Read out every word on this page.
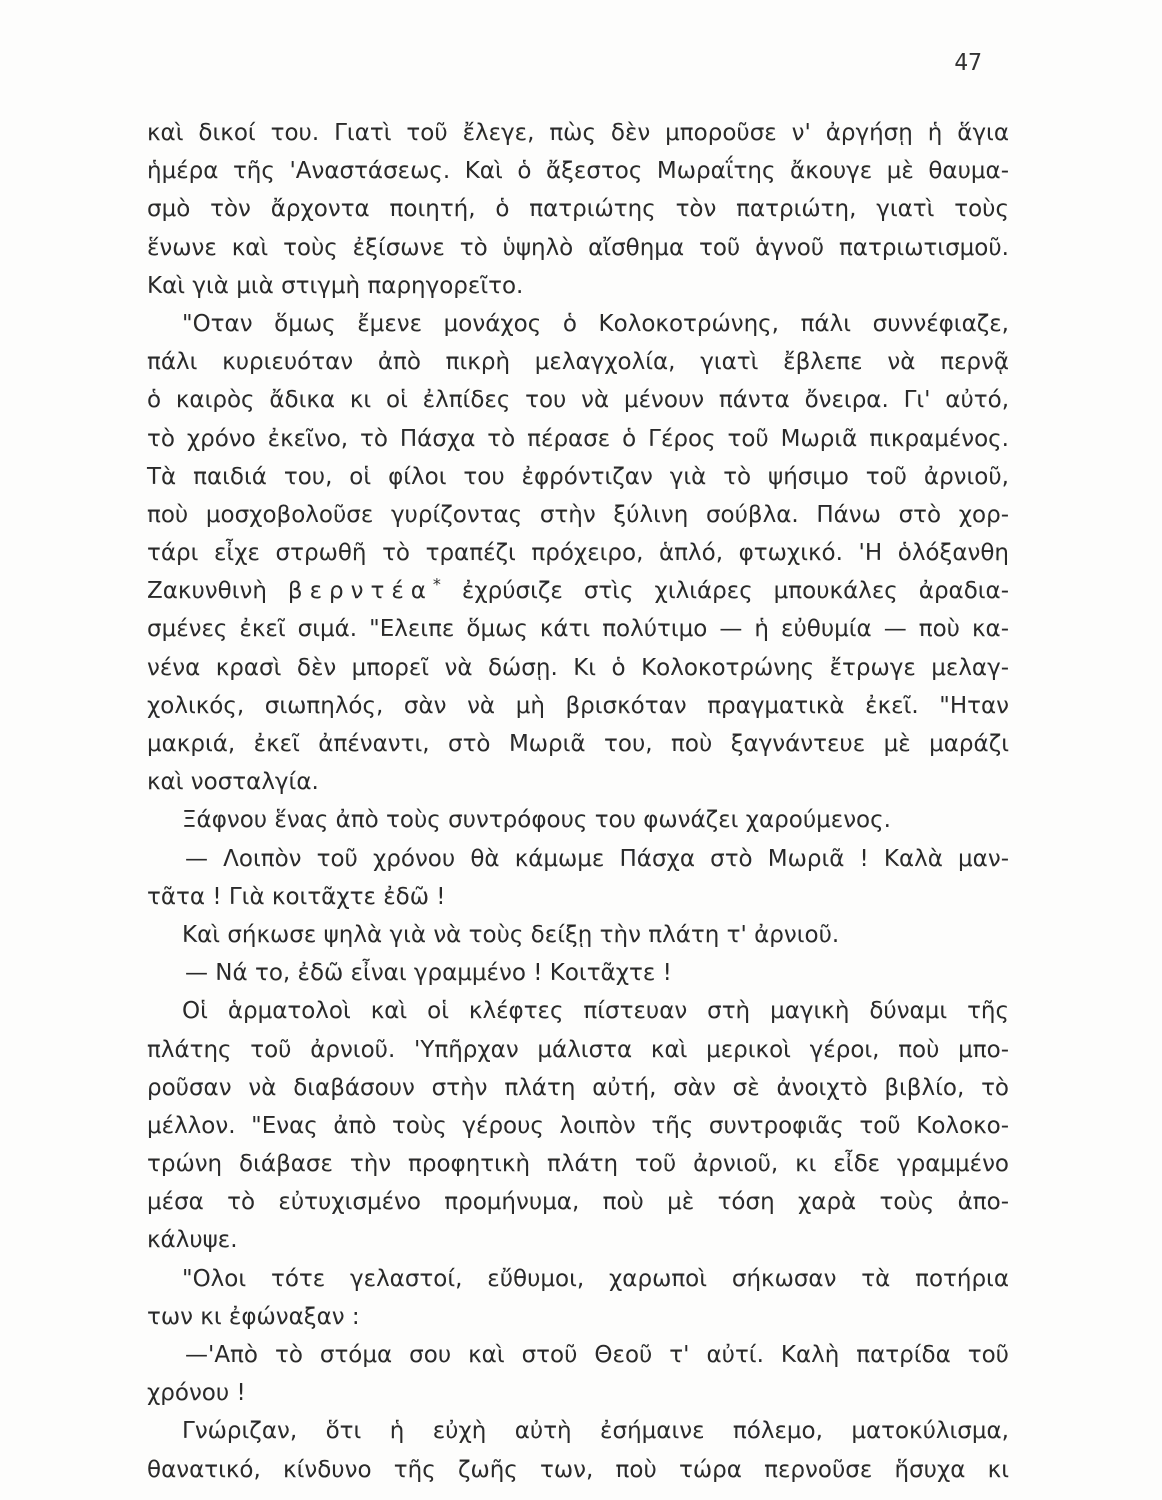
47
καὶ δικοί του. Γιατὶ τοῦ ἔλεγε, πὼς δὲν μποροῦσε ν' ἀργήσῃ ἡ ἅγια
ἡμέρα τῆς 'Αναστάσεως. Καὶ ὁ ἄξεστος Μωραΐτης ἄκουγε μὲ θαυμα-
σμὸ τὸν ἄρχοντα ποιητή, ὁ πατριώτης τὸν πατριώτη, γιατὶ τοὺς
ἕνωνε καὶ τοὺς ἐξίσωνε τὸ ὑψηλὸ αἴσθημα τοῦ ἁγνοῦ πατριωτισμοῦ.
Καὶ γιὰ μιὰ στιγμὴ παρηγορεῖτο.
"Οταν ὅμως ἔμενε μονάχος ὁ Κολοκοτρώνης, πάλι συννέφιαζε,
πάλι κυριευόταν ἀπὸ πικρὴ μελαγχολία, γιατὶ ἔβλεπε νὰ περνᾷ
ὁ καιρὸς ἄδικα κι οἱ ἐλπίδες του νὰ μένουν πάντα ὄνειρα. Γι' αὐτό,
τὸ χρόνο ἐκεῖνο, τὸ Πάσχα τὸ πέρασε ὁ Γέρος τοῦ Μωριᾶ πικραμένος.
Τὰ παιδιά του, οἱ φίλοι του ἐφρόντιζαν γιὰ τὸ ψήσιμο τοῦ ἀρνιοῦ,
ποὺ μοσχοβολοῦσε γυρίζοντας στὴν ξύλινη σούβλα. Πάνω στὸ χορ-
τάρι εἶχε στρωθῆ τὸ τραπέζι πρόχειρο, ἁπλό, φτωχικό. 'Η ὁλόξανθη
Ζακυνθινὴ βερντέα* ἐχρύσιζε στὶς χιλιάρες μπουκάλες ἀραδια-
σμένες ἐκεῖ σιμά. "Ελειπε ὅμως κάτι πολύτιμο — ἡ εὐθυμία — ποὺ κα-
νένα κρασὶ δὲν μπορεῖ νὰ δώσῃ. Κι ὁ Κολοκοτρώνης ἔτρωγε μελαγ-
χολικός, σιωπηλός, σὰν νὰ μὴ βρισκόταν πραγματικὰ ἐκεῖ. "Ηταν
μακριά, ἐκεῖ ἀπέναντι, στὸ Μωριᾶ του, ποὺ ξαγνάντευε μὲ μαράζι
καὶ νοσταλγία.
Ξάφνου ἕνας ἀπὸ τοὺς συντρόφους του φωνάζει χαρούμενος.
— Λοιπὸν τοῦ χρόνου θὰ κάμωμε Πάσχα στὸ Μωριᾶ ! Καλὰ μαν-
τᾶτα ! Γιὰ κοιτᾶχτε ἐδῶ !
Καὶ σήκωσε ψηλὰ γιὰ νὰ τοὺς δείξῃ τὴν πλάτη τ' ἀρνιοῦ.
— Νά το, ἐδῶ εἶναι γραμμένο ! Κοιτᾶχτε !
Οἱ ἁρματολοὶ καὶ οἱ κλέφτες πίστευαν στὴ μαγικὴ δύναμι τῆς
πλάτης τοῦ ἀρνιοῦ. 'Υπῆρχαν μάλιστα καὶ μερικοὶ γέροι, ποὺ μπο-
ροῦσαν νὰ διαβάσουν στὴν πλάτη αὐτή, σὰν σὲ ἀνοιχτὸ βιβλίο, τὸ
μέλλον. "Ενας ἀπὸ τοὺς γέρους λοιπὸν τῆς συντροφιᾶς τοῦ Κολοκο-
τρώνη διάβασε τὴν προφητικὴ πλάτη τοῦ ἀρνιοῦ, κι εἶδε γραμμένο
μέσα τὸ εὐτυχισμένο προμήνυμα, ποὺ μὲ τόση χαρὰ τοὺς ἀπο-
κάλυψε.
"Ολοι τότε γελαστοί, εὔθυμοι, χαρωποὶ σήκωσαν τὰ ποτήρια
των κι ἐφώναξαν :
—'Απὸ τὸ στόμα σου καὶ στοῦ Θεοῦ τ' αὐτί. Καλὴ πατρίδα τοῦ
χρόνου !
Γνώριζαν, ὅτι ἡ εὐχὴ αὐτὴ ἐσήμαινε πόλεμο, ματοκύλισμα,
θανατικό, κίνδυνο τῆς ζωῆς των, ποὺ τώρα περνοῦσε ἥσυχα κι
